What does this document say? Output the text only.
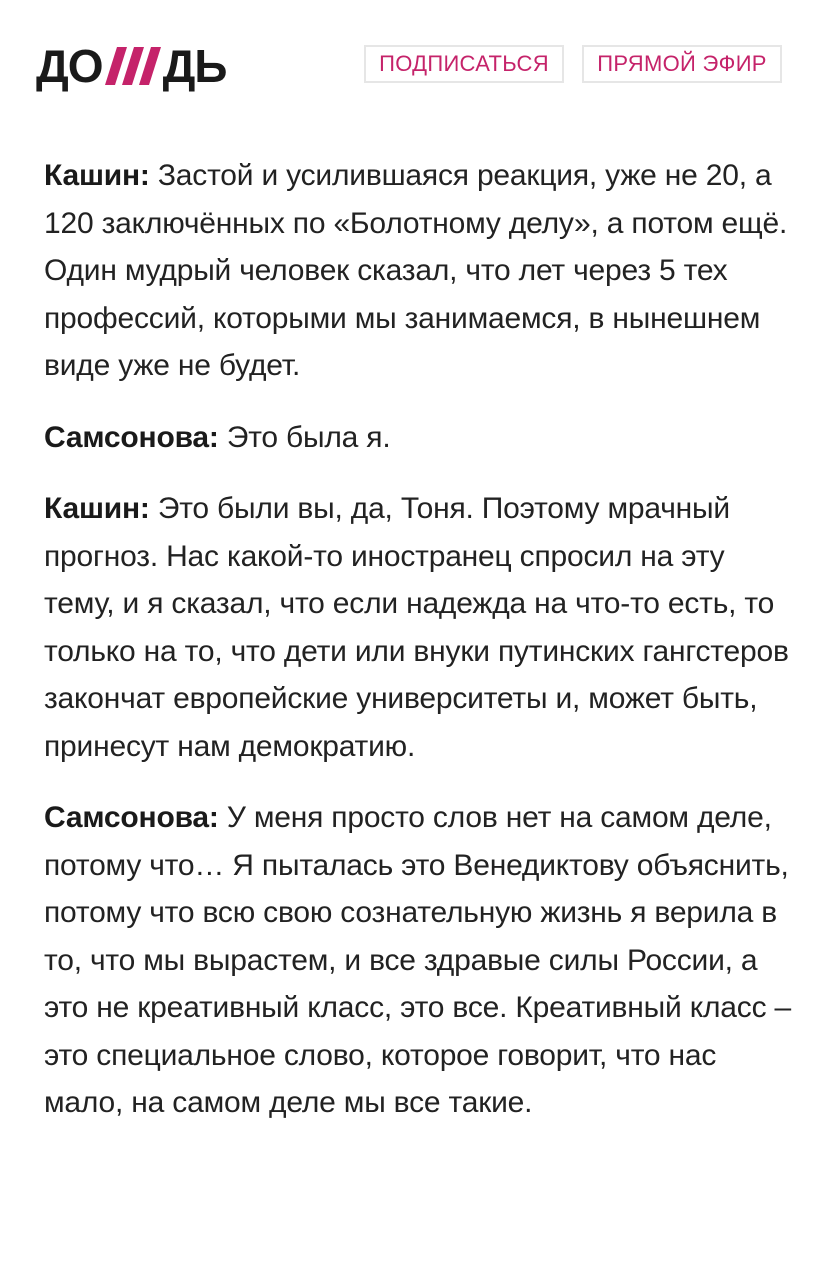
ДО ДЬ	ПОДПИСАТЬСЯ	ПРЯМОЙ ЭФИР

Кашин: Застой и усилившаяся реакция, уже не 20, а 120 заключённых по «Болотному делу», а потом ещё. Один мудрый человек сказал, что лет через 5 тех профессий, которыми мы занимаемся, в нынешнем виде уже не будет.

Самсонова: Это была я.

Кашин: Это были вы, да, Тоня. Поэтому мрачный прогноз. Нас какой-то иностранец спросил на эту тему, и я сказал, что если надежда на что-то есть, то только на то, что дети или внуки путинских гангстеров закончат европейские университеты и, может быть, принесут нам демократию.

Самсонова: У меня просто слов нет на самом деле, потому что… Я пыталась это Венедиктову объяснить, потому что всю свою сознательную жизнь я верила в то, что мы вырастем, и все здравые силы России, а это не креативный класс, это все. Креативный класс – это специальное слово, которое говорит, что нас мало, на самом деле мы все такие.
